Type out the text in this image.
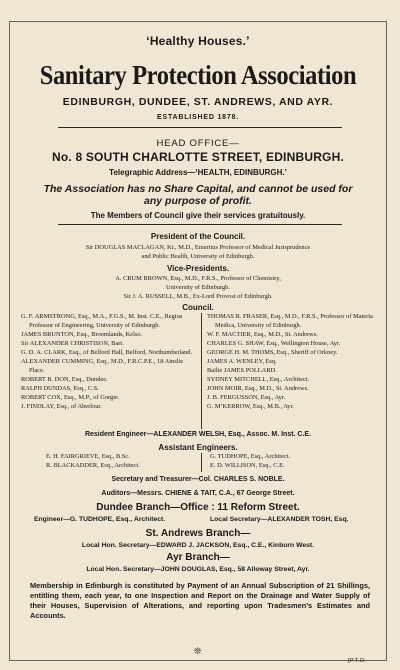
‘Healthy Houses.’
Sanitary Protection Association
EDINBURGH, DUNDEE, ST. ANDREWS, AND AYR.
ESTABLISHED 1878.
HEAD OFFICE—
No. 8 SOUTH CHARLOTTE STREET, EDINBURGH.
Telegraphic Address—‘HEALTH, EDINBURGH.’
The Association has no Share Capital, and cannot be used for
any purpose of profit.
The Members of Council give their services gratuitously.
President of the Council.
Sir DOUGLAS MACLAGAN, Kt., M.D., Emeritus Professor of Medical Jurisprudence
and Public Health, University of Edinburgh.
Vice-Presidents.
A. CRUM BROWN, Esq., M.D., F.R.S., Professor of Chemistry,
University of Edinburgh.
Sir J. A. RUSSELL, M.B., Ex-Lord Provost of Edinburgh.
Council.

G. F. ARMSTRONG, Esq., M.A., F.G.S., M. Inst. C.E., Regius Professor of Engineering, University of Edinburgh.

JAMES BRUNTON, Esq., Broomlands, Kelso.

Sir ALEXANDER CHRISTISON, Bart.

G. D. A. CLARK, Esq., of Belford Hall, Belford, Northumberland.

ALEXANDER CUMMING, Esq., M.D., F.R.C.P.E., 18 Ainslie Place.

ROBERT B. DON, Esq., Dundee.

RALPH DUNDAS, Esq., C.S.

ROBERT COX, Esq., M.P., of Gorgie.

J. FINDLAY, Esq., of Aberlour.

THOMAS R. FRASER, Esq., M.D., F.R.S., Professor of Materia Medica, University of Edinburgh.

W. F. MACTIER, Esq., M.D., St. Andrews.

CHARLES G. SHAW, Esq., Wellington House, Ayr.

GEORGE H. M. THOMS, Esq., Sheriff of Orkney.

JAMES A. WENLEY, Esq.

Bailie JAMES POLLARD.

SYDNEY MITCHELL, Esq., Architect.

JOHN MOIR, Esq., M.D., St. Andrews.

J. B. FERGUSSON, Esq., Ayr.

G. M‘KERROW, Esq., M.B., Ayr.

Resident Engineer—ALEXANDER WELSH, Esq., Assoc. M. Inst. C.E.
Assistant Engineers.

E. H. FAIRGRIEVE, Esq., B.Sc.

R. BLACKADDER, Esq., Architect.

G. TUDHOPE, Esq., Architect.

E. D. WILLISON, Esq., C.E.

Secretary and Treasurer—Col. CHARLES S. NOBLE.
Auditors—Messrs. CHIENE & TAIT, C.A., 67 George Street.
Dundee Branch—Office : 11 Reform Street.
Engineer—G. TUDHOPE, Esq., Architect.	Local Secretary—ALEXANDER TOSH, Esq.
St. Andrews Branch—
Local Hon. Secretary—EDWARD J. JACKSON, Esq., C.E., Kinburn West.
Ayr Branch—
Local Hon. Secretary—JOHN DOUGLAS, Esq., 58 Alloway Street, Ayr.
Membership in Edinburgh is constituted by Payment of an Annual Subscription of 21 Shillings, entitling them, each year, to one Inspection and Report on the Drainage and Water Supply of their Houses, Supervision of Alterations, and reporting upon Tradesmen’s Estimates and Accounts.
❊
[P.T.O.
